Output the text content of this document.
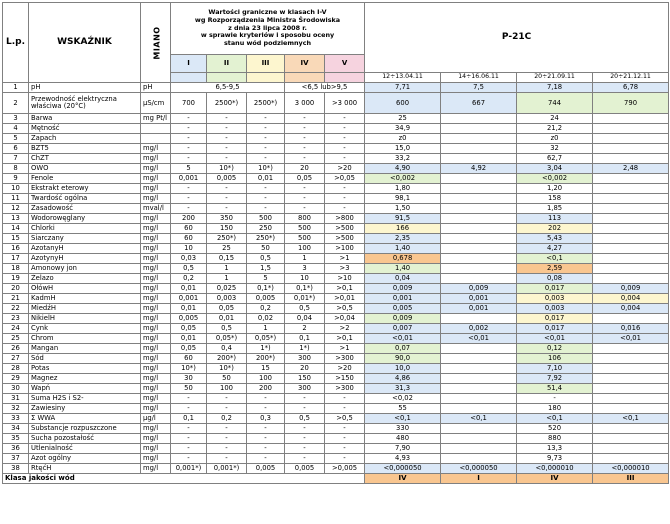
L.p.	WSKAŹNIK	MIANO	Wartości graniczne w klasach I-V
wg Rozporządzenia Ministra Środowiska
z dnia 23 lipca 2008 r.
w sprawie kryteriów i sposobu oceny
stanu wód podziemnych					P-21C			
			I	II	III	IV	V				
								12÷13.04.11	14÷16.06.11	20÷21.09.11	20÷21.12.11
1	pH	pH	6,5-9,5			<6,5 lub>9,5		7,71	7,5	7,18	6,78
2	Przewodność elektryczna właściwa (20°C)	µS/cm	700	2500*)	2500*)	3 000	>3 000	600	667	744	790
3	Barwa	mg Pt/l	-	-	-	-	-	25		24	
4	Mętność		-	-	-	-	-	34,9		21,2	
5	Zapach		-	-	-	-	-	z0		z0	
6	BZT5	mg/l	-	-	-	-	-	15,0		32	
7	ChZT	mg/l	-	-	-	-	-	33,2		62,7	
8	OWO	mg/l	5	10*)	10*)	20	>20	4,90	4,92	3,04	2,48
9	Fenole	mg/l	0,001	0,005	0,01	0,05	>0,05	<0,002		<0,002	
10	Ekstrakt eterowy	mg/l	-	-	-	-	-	1,80		1,20	
11	Twardość ogólna	mg/l	-	-	-	-	-	98,1		158	
12	Zasadowość	mval/l	-	-	-	-	-	1,50		1,85	
13	Wodorowęglany	mg/l	200	350	500	800	>800	91,5		113	
14	Chlorki	mg/l	60	150	250	500	>500	166		202	
15	Siarczany	mg/l	60	250*)	250*)	500	>500	2,35		5,43	
16	AzotanyH	mg/l	10	25	50	100	>100	1,40		4,27	
17	AzotynyH	mg/l	0,03	0,15	0,5	1	>1	0,678		<0,1	
18	Amonowy jon	mg/l	0,5	1	1,5	3	>3	1,40		2,59	
19	Żelazo	mg/l	0,2	1	5	10	>10	0,04		0,08	
20	OłówH	mg/l	0,01	0,025	0,1*)	0,1*)	>0,1	0,009	0,009	0,017	0,009
21	KadmH	mg/l	0,001	0,003	0,005	0,01*)	>0,01	0,001	0,001	0,003	0,004
22	MiedźH	mg/l	0,01	0,05	0,2	0,5	>0,5	0,005	0,001	0,003	0,004
23	NikielH	mg/l	0,005	0,01	0,02	0,04	>0,04	0,009		0,017	
24	Cynk	mg/l	0,05	0,5	1	2	>2	0,007	0,002	0,017	0,016
25	Chrom	mg/l	0,01	0,05*)	0,05*)	0,1	>0,1	<0,01	<0,01	<0,01	<0,01
26	Mangan	mg/l	0,05	0,4	1*)	1*)	>1	0,07		0,12	
27	Sód	mg/l	60	200*)	200*)	300	>300	90,0		106	
28	Potas	mg/l	10*)	10*)	15	20	>20	10,0		7,10	
29	Magnez	mg/l	30	50	100	150	>150	4,86		7,92	
30	Wapń	mg/l	50	100	200	300	>300	31,3		51,4	
31	Suma H2S i S2-	mg/l	-	-	-	-	-	<0,02		-	
32	Zawiesiny	mg/l	-	-	-	-	-	55		180	
33	Σ WWA	µg/l	0,1	0,2	0,3	0,5	>0,5	<0,1	<0,1	<0,1	<0,1
34	Substancje rozpuszczone	mg/l	-	-	-	-	-	330		520	
35	Sucha pozostałość	mg/l	-	-	-	-	-	480		880	
36	Utlenialność	mg/l	-	-	-	-	-	7,90		13,3	
37	Azot ogólny	mg/l	-	-	-	-	-	4,93		9,73	
38	RtęćH	mg/l	0,001*)	0,001*)	0,005	0,005	>0,005	<0,000050	<0,000050	<0,000010	<0,000010
Klasa jakości wód								IV	I	IV	III
